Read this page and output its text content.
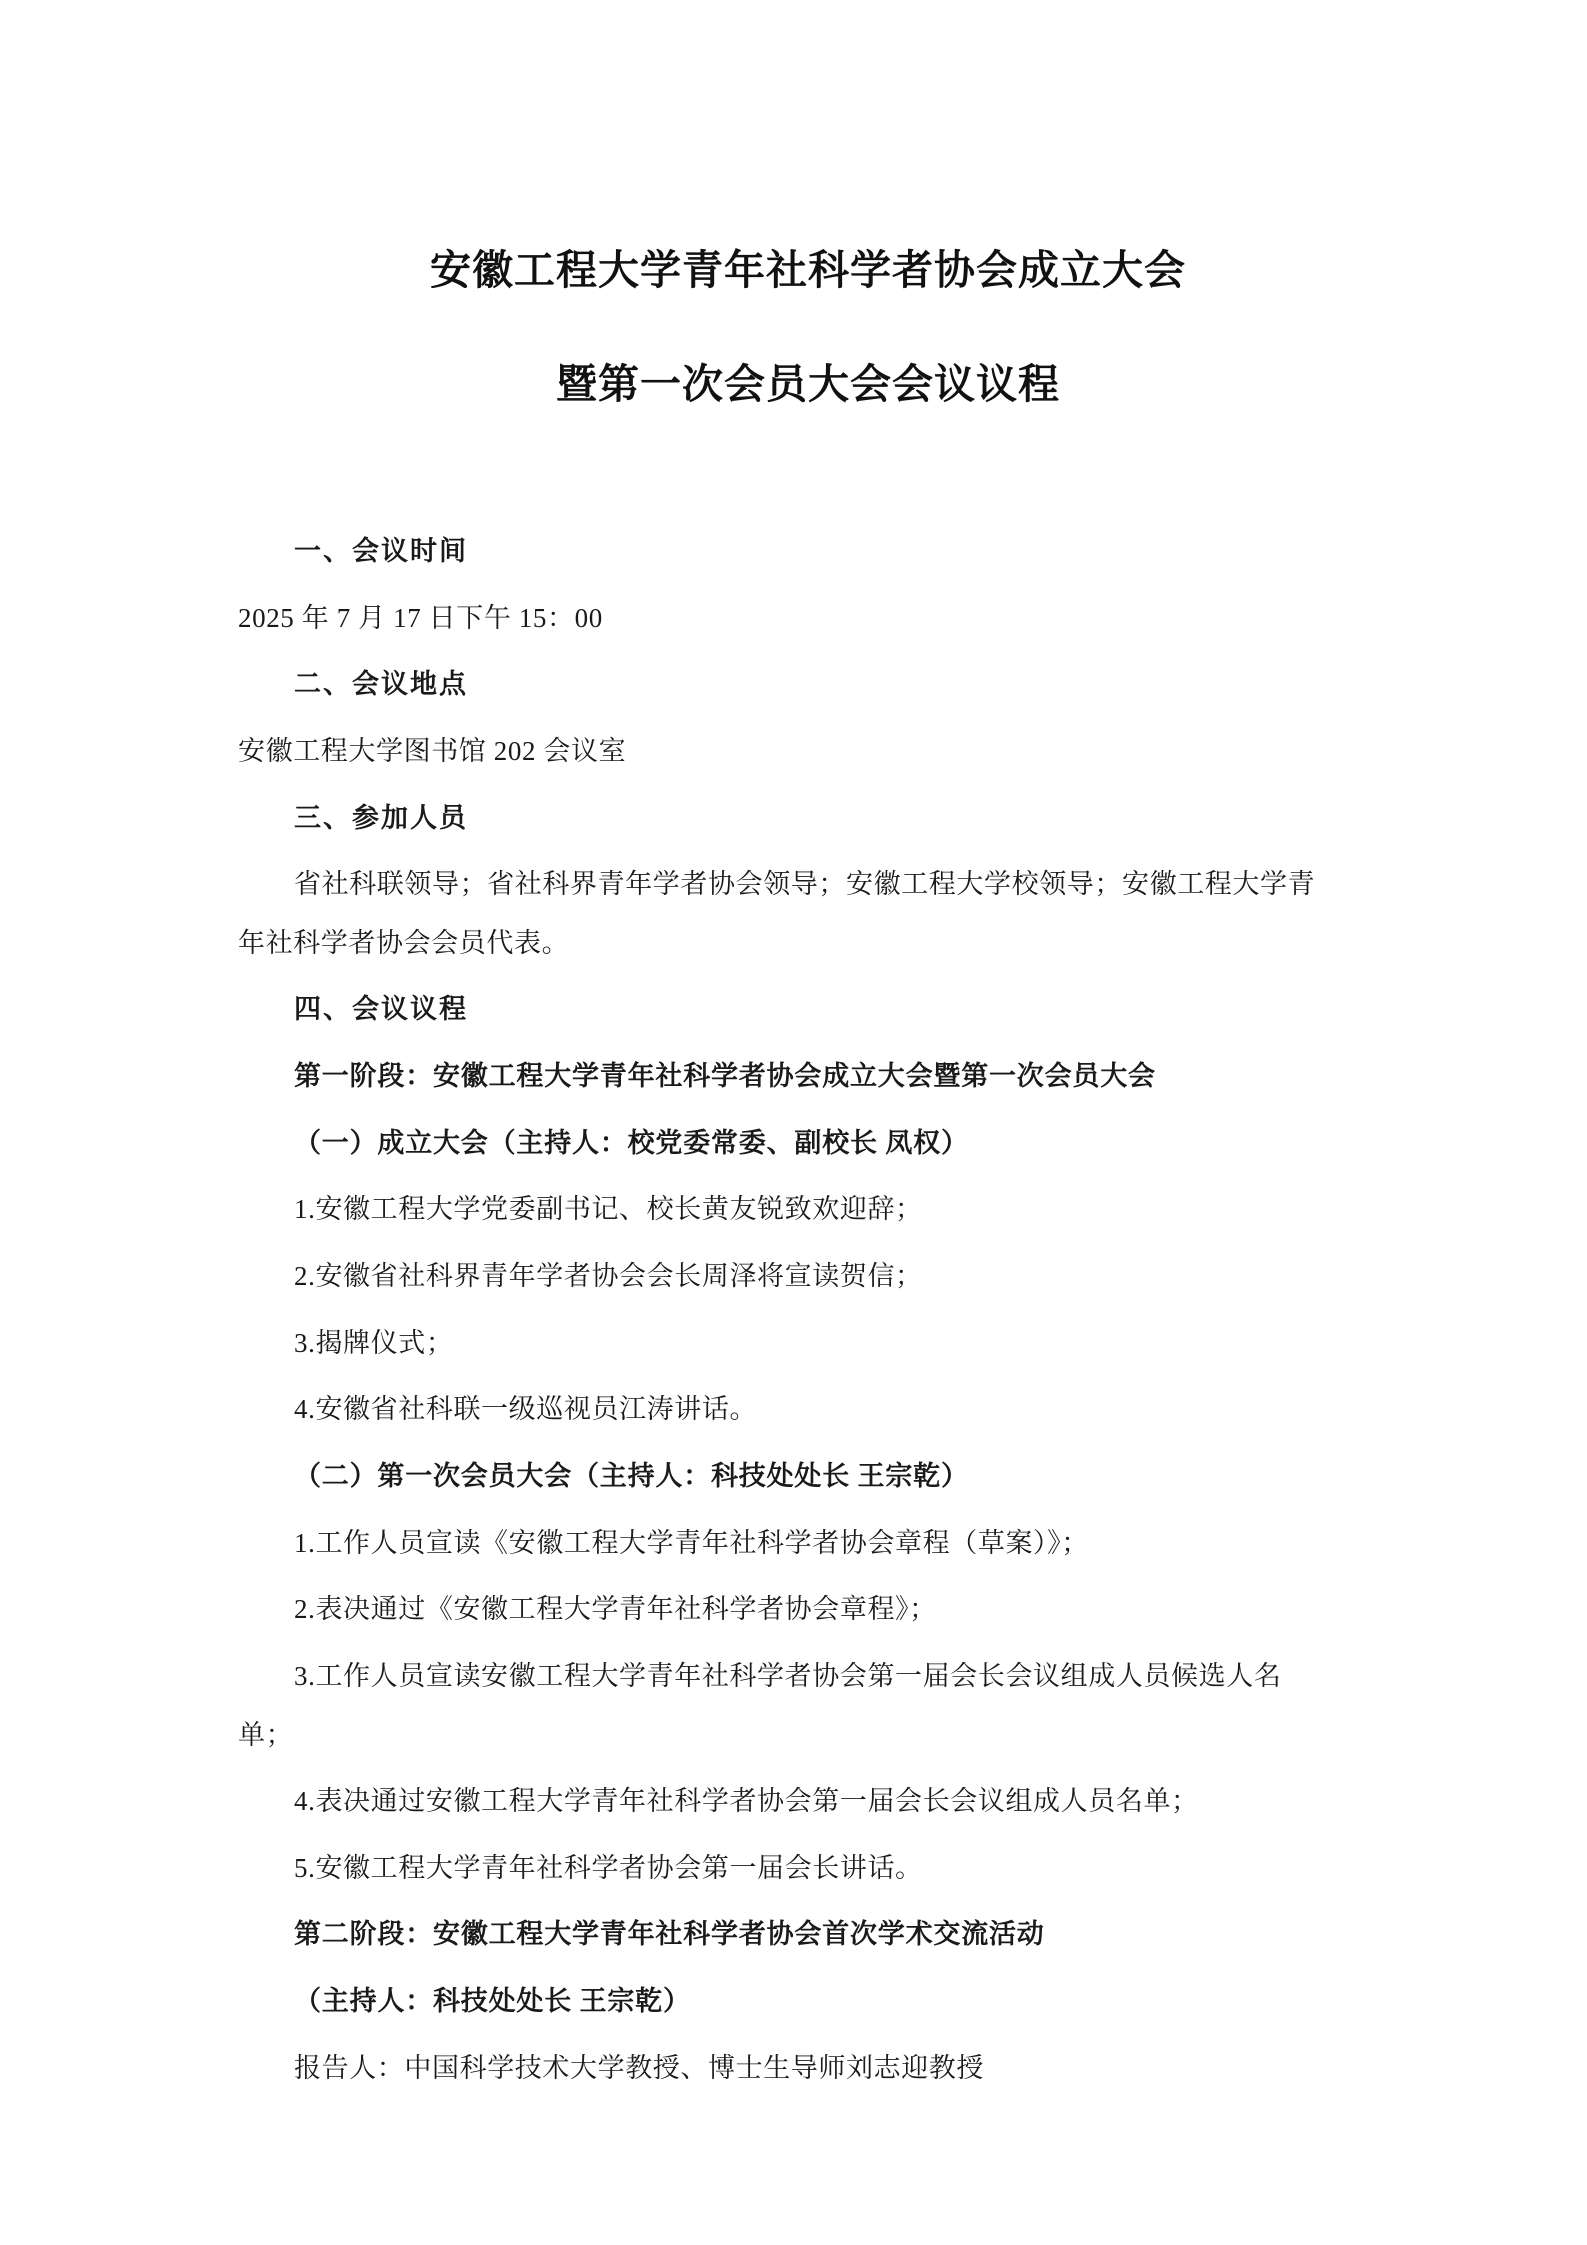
安徽工程大学青年社科学者协会成立大会
暨第一次会员大会会议议程

一、会议时间

2025 年 7 月 17 日下午 15：00

二、会议地点

安徽工程大学图书馆 202 会议室

三、参加人员

省社科联领导；省社科界青年学者协会领导；安徽工程大学校领导；安徽工程大学青

年社科学者协会会员代表。

四、会议议程

第一阶段：安徽工程大学青年社科学者协会成立大会暨第一次会员大会

（一）成立大会（主持人：校党委常委、副校长 凤权）

1.安徽工程大学党委副书记、校长黄友锐致欢迎辞；

2.安徽省社科界青年学者协会会长周泽将宣读贺信；

3.揭牌仪式；

4.安徽省社科联一级巡视员江涛讲话。

（二）第一次会员大会（主持人：科技处处长 王宗乾）

1.工作人员宣读《安徽工程大学青年社科学者协会章程（草案）》；

2.表决通过《安徽工程大学青年社科学者协会章程》；

3.工作人员宣读安徽工程大学青年社科学者协会第一届会长会议组成人员候选人名

单；

4.表决通过安徽工程大学青年社科学者协会第一届会长会议组成人员名单；

5.安徽工程大学青年社科学者协会第一届会长讲话。

第二阶段：安徽工程大学青年社科学者协会首次学术交流活动

（主持人：科技处处长 王宗乾）

报告人：中国科学技术大学教授、博士生导师刘志迎教授
